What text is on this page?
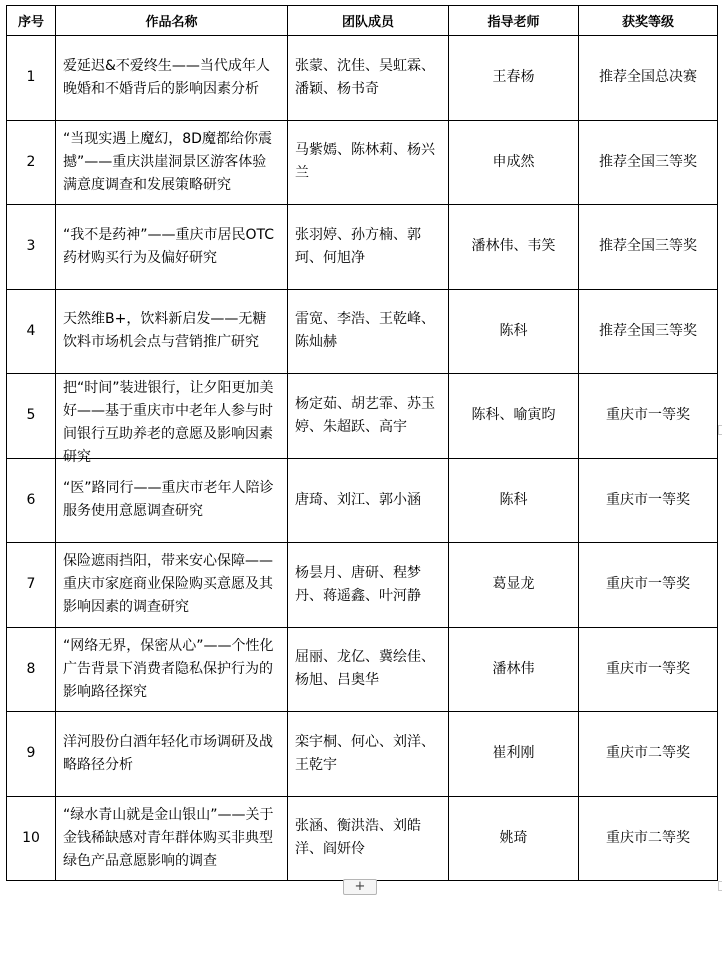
序号	作品名称	团队成员	指导老师	获奖等级
1	爱延迟&不爱终生——当代成年人晚婚和不婚背后的影响因素分析	张蒙、沈佳、吴虹霖、潘颖、杨书奇	王春杨	推荐全国总决赛
2	“当现实遇上魔幻，8D魔都给你震撼”——重庆洪崖洞景区游客体验满意度调查和发展策略研究	马紫嫣、陈林莉、杨兴兰	申成然	推荐全国三等奖
3	“我不是药神”——重庆市居民OTC药材购买行为及偏好研究	张羽婷、孙方楠、郭珂、何旭净	潘林伟、韦笑	推荐全国三等奖
4	天然维B+，饮料新启发——无糖饮料市场机会点与营销推广研究	雷宽、李浩、王乾峰、陈灿赫	陈科	推荐全国三等奖
5	把“时间”装进银行，让夕阳更加美好——基于重庆市中老年人参与时间银行互助养老的意愿及影响因素研究	杨定茹、胡艺霏、苏玉婷、朱超跃、高宇	陈科、喻寅昀	重庆市一等奖
6	“医”路同行——重庆市老年人陪诊服务使用意愿调查研究	唐琦、刘江、郭小涵	陈科	重庆市一等奖
7	保险遮雨挡阳，带来安心保障——重庆市家庭商业保险购买意愿及其影响因素的调查研究	杨昙月、唐研、程梦丹、蒋遥鑫、叶河静	葛显龙	重庆市一等奖
8	“网络无界，保密从心”——个性化广告背景下消费者隐私保护行为的影响路径探究	屈丽、龙亿、冀绘佳、杨旭、吕奥华	潘林伟	重庆市一等奖
9	洋河股份白酒年轻化市场调研及战略路径分析	栾宇桐、何心、刘洋、王乾宇	崔利刚	重庆市二等奖
10	“绿水青山就是金山银山”——关于金钱稀缺感对青年群体购买非典型绿色产品意愿影响的调查	张涵、衡洪浩、刘皓洋、阎妍伶	姚琦	重庆市二等奖
+
